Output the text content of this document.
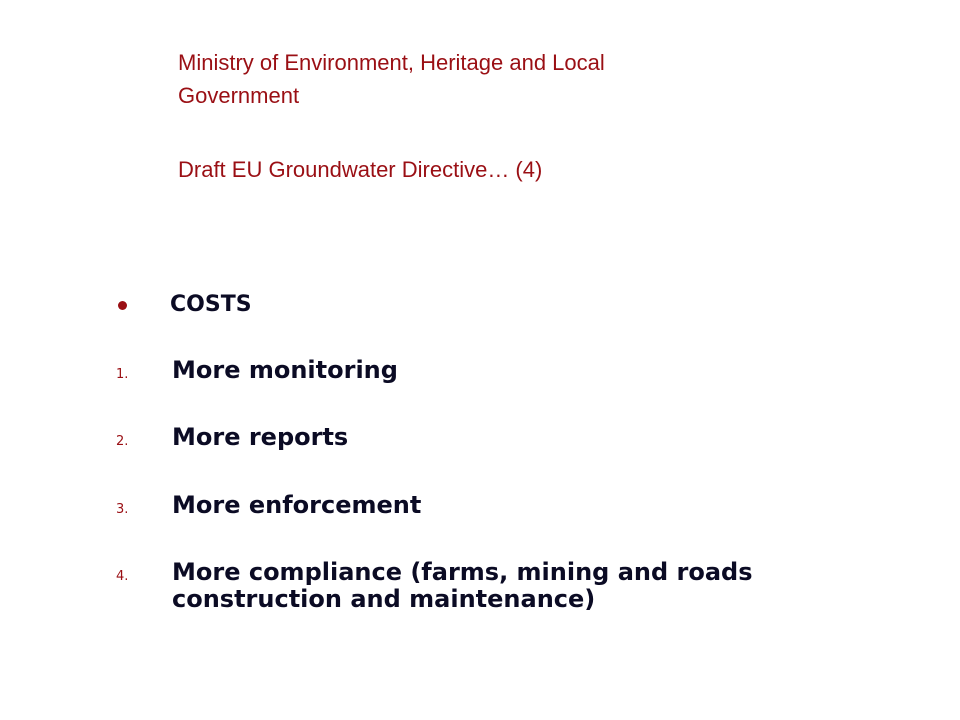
Ministry of Environment, Heritage and Local Government
Draft EU Groundwater Directive… (4)
COSTS
1.	More monitoring
2.	More reports
3.	More enforcement
4.	More compliance (farms, mining and roads construction and maintenance)
